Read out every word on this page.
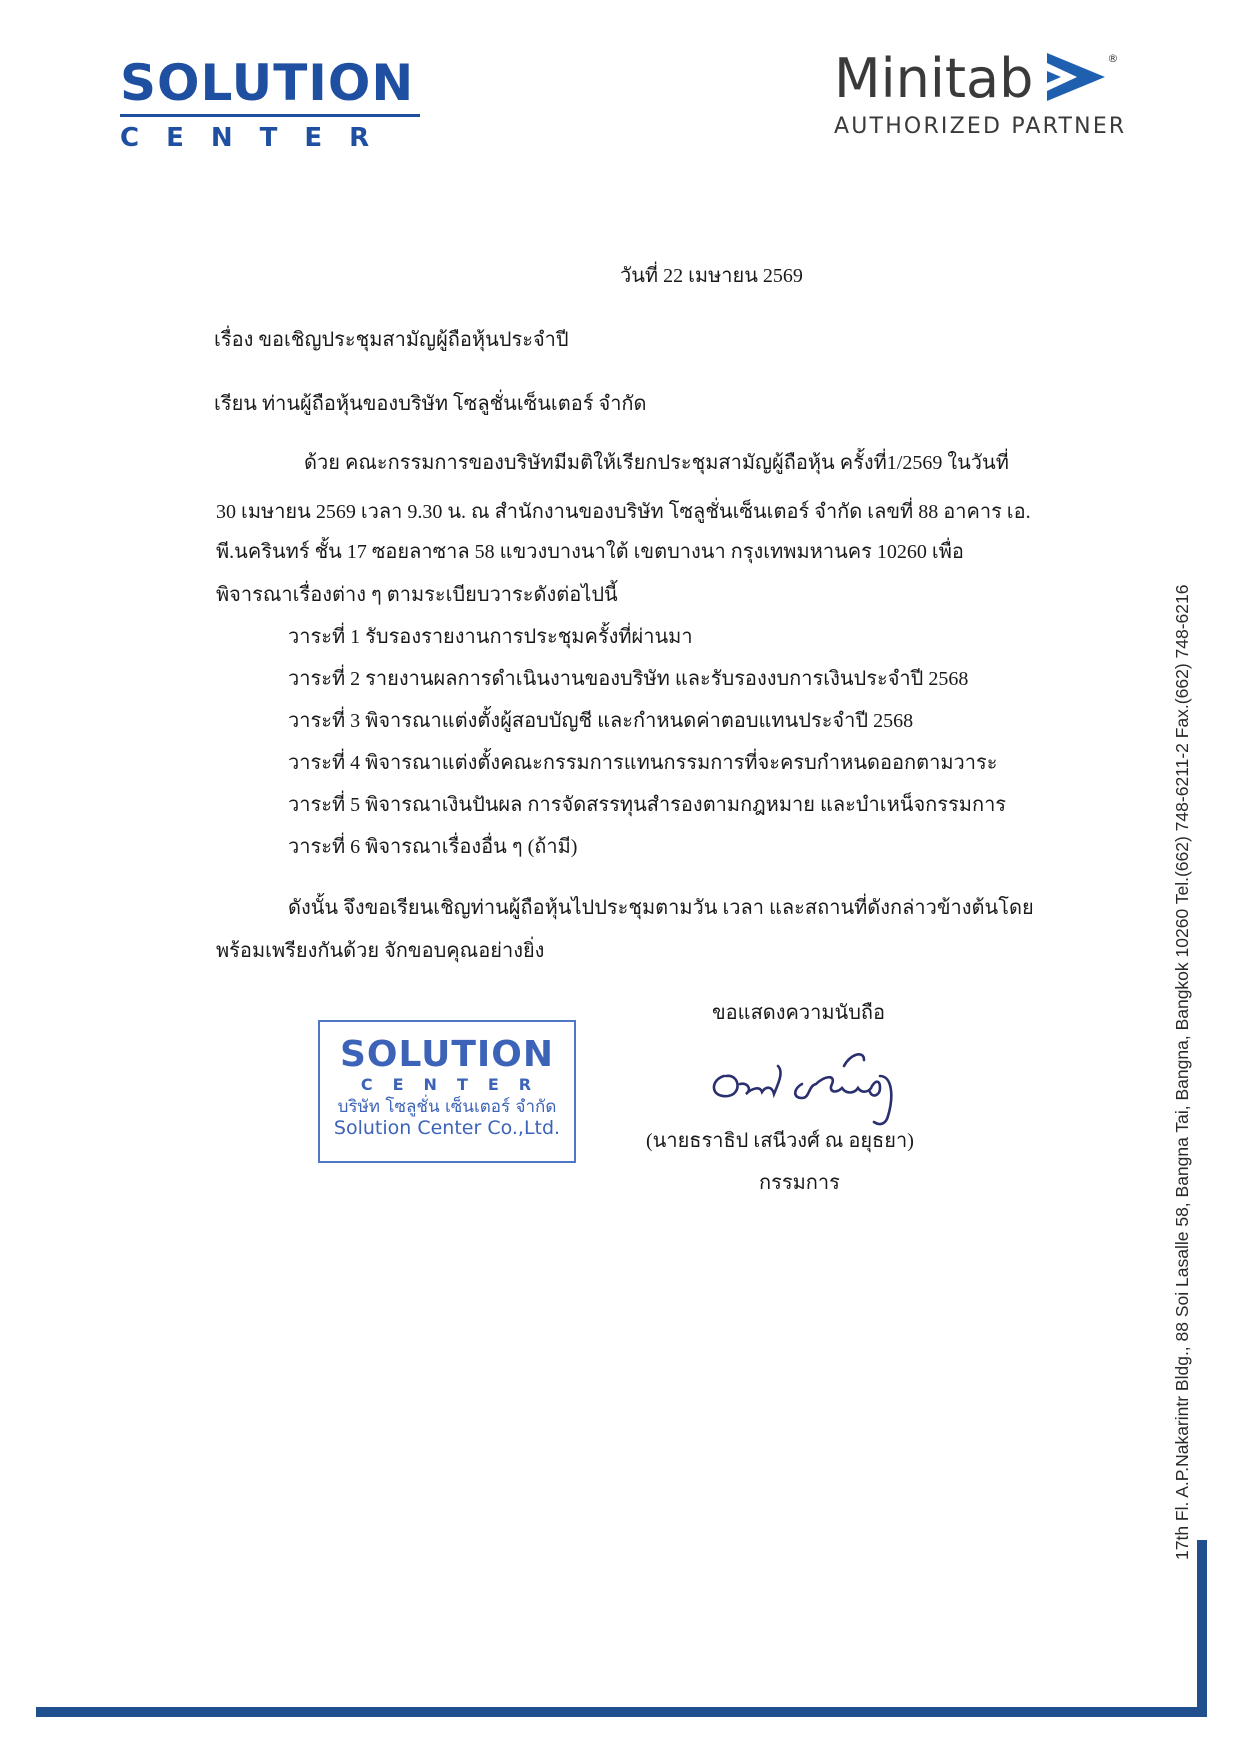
SOLUTION
CENTER
Minitab	®
AUTHORIZED PARTNER
วันที่ 22 เมษายน 2569
เรื่อง ขอเชิญประชุมสามัญผู้ถือหุ้นประจำปี
เรียน ท่านผู้ถือหุ้นของบริษัท โซลูชั่นเซ็นเตอร์ จำกัด
ด้วย คณะกรรมการของบริษัทมีมติให้เรียกประชุมสามัญผู้ถือหุ้น ครั้งที่1/2569 ในวันที่
30 เมษายน 2569 เวลา 9.30 น. ณ สำนักงานของบริษัท โซลูชั่นเซ็นเตอร์ จำกัด เลขที่ 88 อาคาร เอ.
พี.นครินทร์ ชั้น 17 ซอยลาซาล 58 แขวงบางนาใต้ เขตบางนา กรุงเทพมหานคร 10260 เพื่อ
พิจารณาเรื่องต่าง ๆ ตามระเบียบวาระดังต่อไปนี้
วาระที่ 1 รับรองรายงานการประชุมครั้งที่ผ่านมา
วาระที่ 2 รายงานผลการดำเนินงานของบริษัท และรับรองงบการเงินประจำปี 2568
วาระที่ 3 พิจารณาแต่งตั้งผู้สอบบัญชี และกำหนดค่าตอบแทนประจำปี 2568
วาระที่ 4 พิจารณาแต่งตั้งคณะกรรมการแทนกรรมการที่จะครบกำหนดออกตามวาระ
วาระที่ 5 พิจารณาเงินปันผล การจัดสรรทุนสำรองตามกฎหมาย และบำเหน็จกรรมการ
วาระที่ 6 พิจารณาเรื่องอื่น ๆ (ถ้ามี)
ดังนั้น จึงขอเรียนเชิญท่านผู้ถือหุ้นไปประชุมตามวัน เวลา และสถานที่ดังกล่าวข้างต้นโดย
พร้อมเพรียงกันด้วย จักขอบคุณอย่างยิ่ง
ขอแสดงความนับถือ
(นายธราธิป เสนีวงศ์ ณ อยุธยา)
กรรมการ
SOLUTION
CENTER
บริษัท โซลูชั่น เซ็นเตอร์ จำกัด
Solution Center Co.,Ltd.	17th Fl. A.P.Nakarintr Bldg., 88 Soi Lasalle 58, Bangna Tai, Bangna, Bangkok 10260 Tel.(662) 748-6211-2 Fax.(662) 748-6216
